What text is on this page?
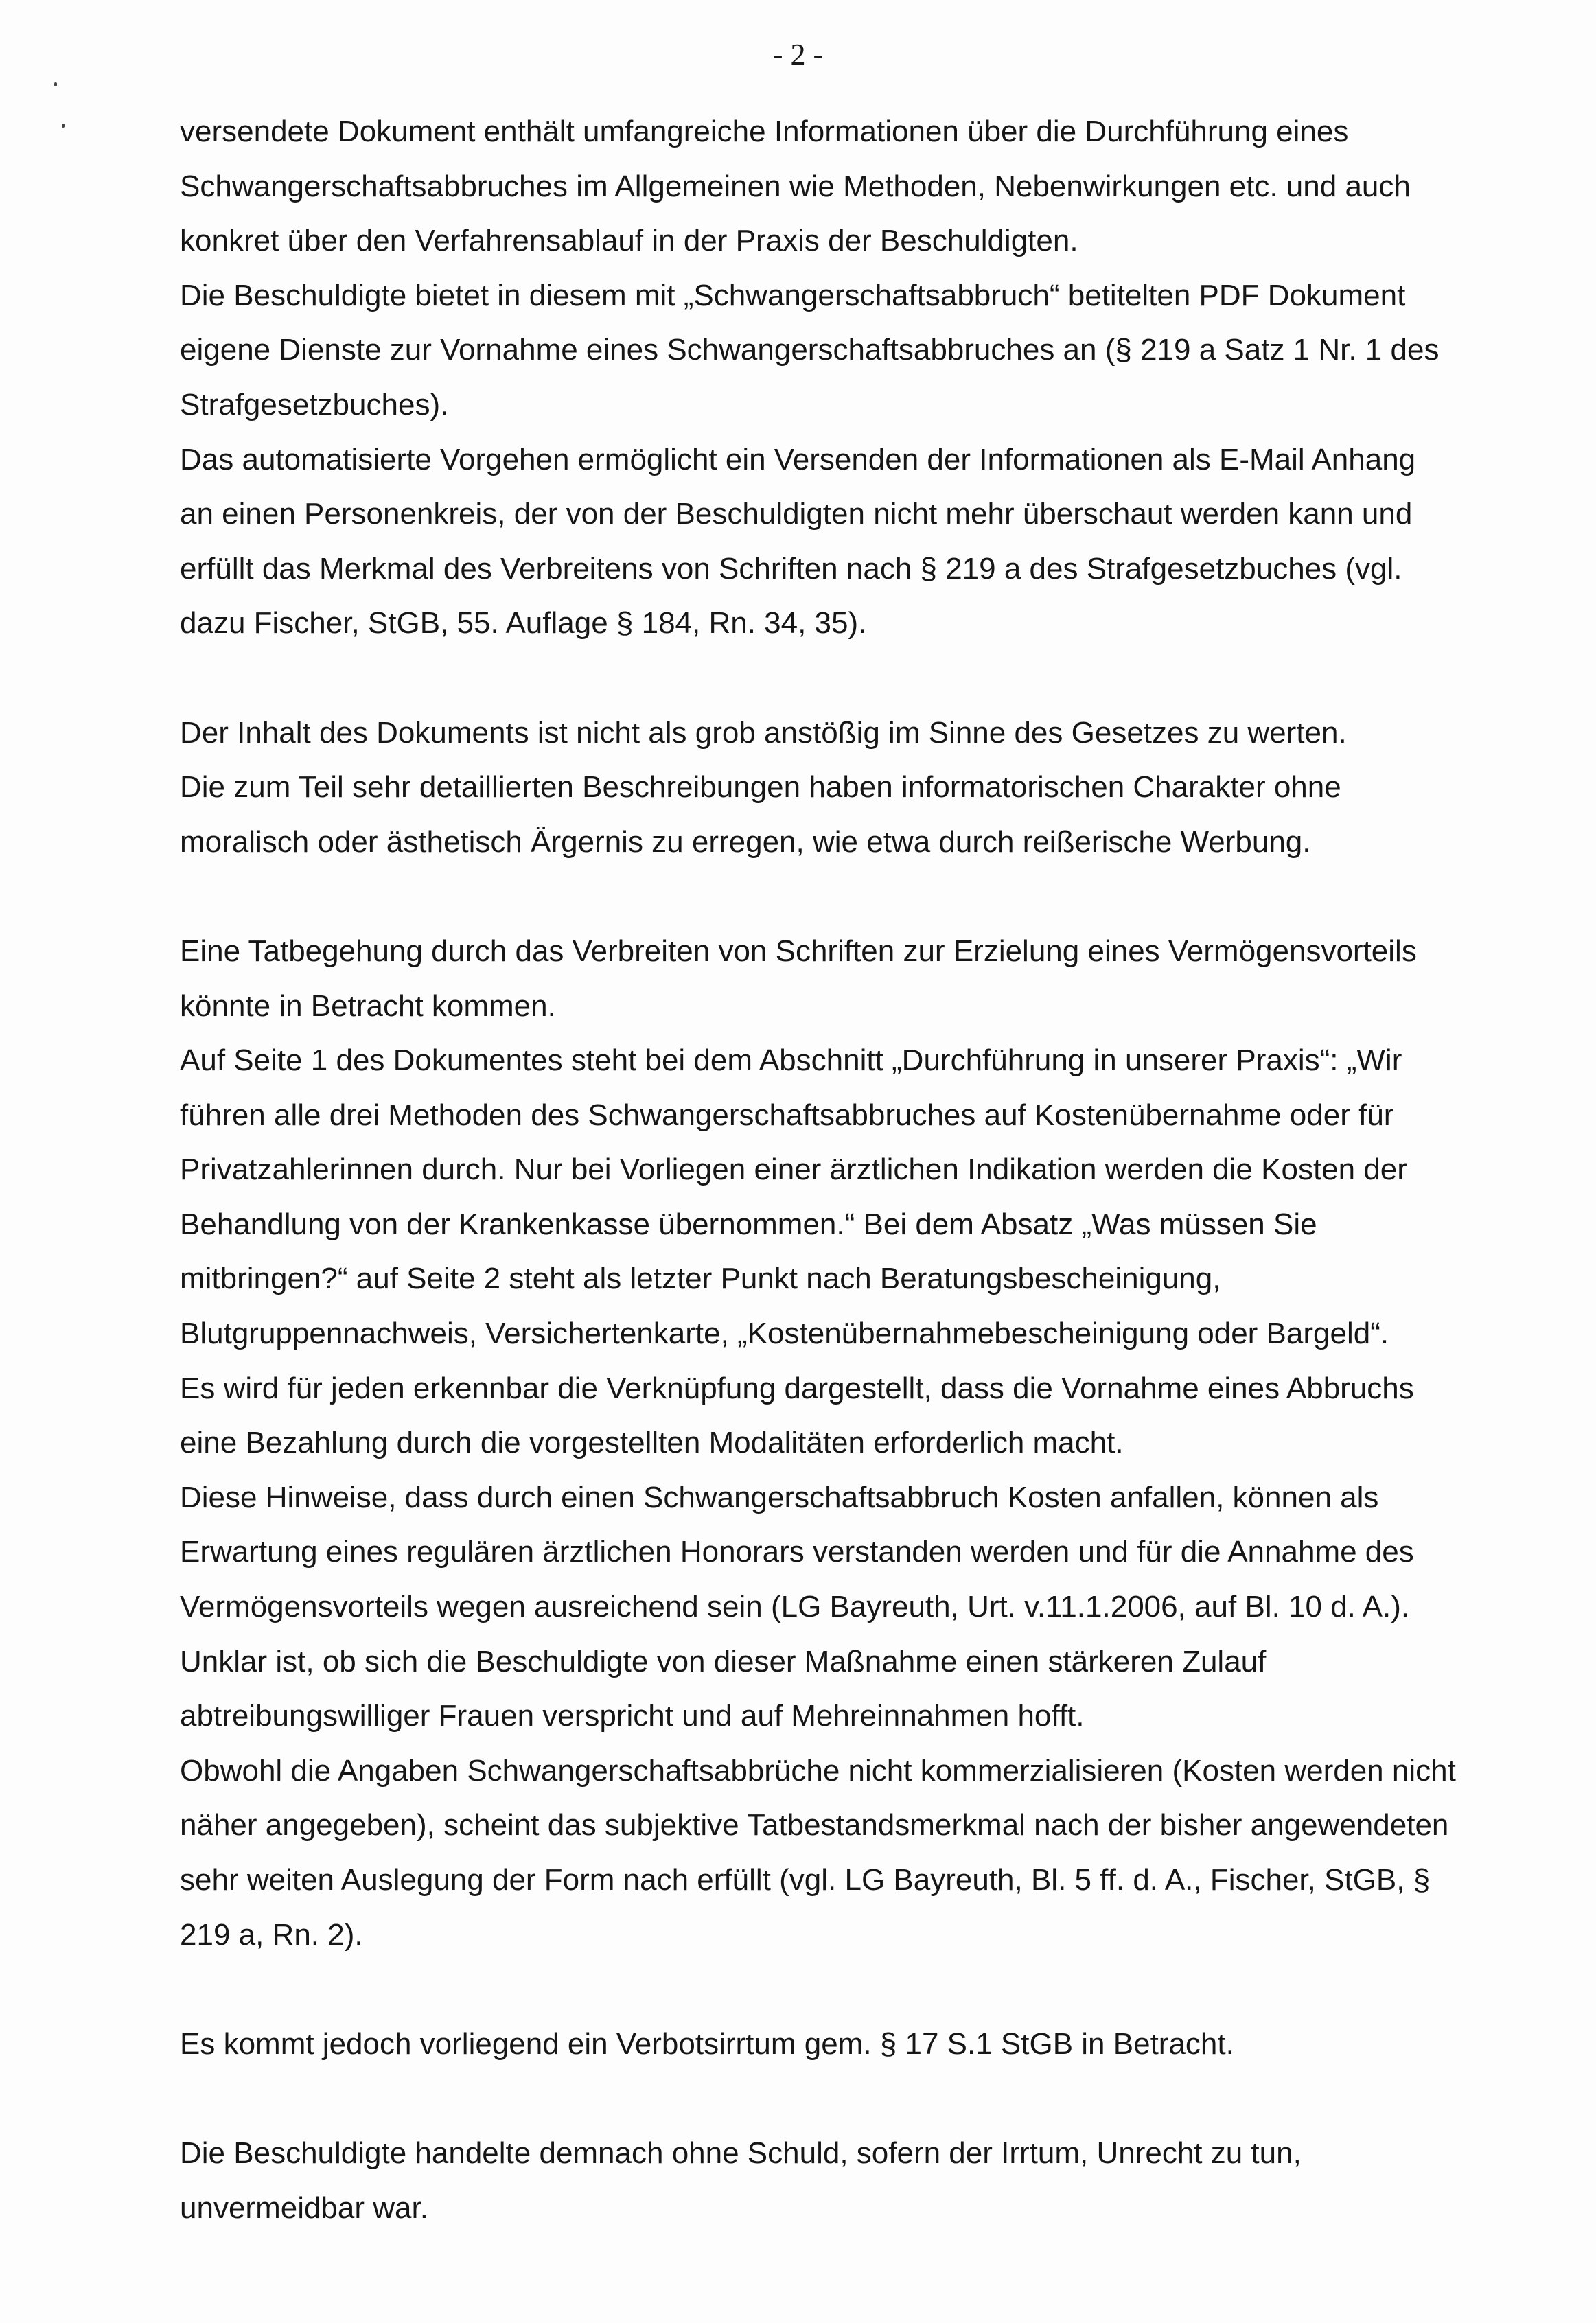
- 2 -
versendete Dokument enthält umfangreiche Informationen über die Durchführung eines
Schwangerschaftsabbruches im Allgemeinen wie Methoden, Nebenwirkungen etc. und auch
konkret über den Verfahrensablauf in der Praxis der Beschuldigten.
Die Beschuldigte bietet in diesem mit „Schwangerschaftsabbruch“ betitelten PDF Dokument
eigene Dienste zur Vornahme eines Schwangerschaftsabbruches an (§ 219 a Satz 1 Nr. 1 des
Strafgesetzbuches).
Das automatisierte Vorgehen ermöglicht ein Versenden der Informationen als E-Mail Anhang
an einen Personenkreis, der von der Beschuldigten nicht mehr überschaut werden kann und
erfüllt das Merkmal des Verbreitens von Schriften nach § 219 a des Strafgesetzbuches (vgl.
dazu Fischer, StGB, 55. Auflage § 184, Rn. 34, 35).
Der Inhalt des Dokuments ist nicht als grob anstößig im Sinne des Gesetzes zu werten.
Die zum Teil sehr detaillierten Beschreibungen haben informatorischen Charakter ohne
moralisch oder ästhetisch Ärgernis zu erregen, wie etwa durch reißerische Werbung.
Eine Tatbegehung durch das Verbreiten von Schriften zur Erzielung eines Vermögensvorteils
könnte in Betracht kommen.
Auf Seite 1 des Dokumentes steht bei dem Abschnitt „Durchführung in unserer Praxis“: „Wir
führen alle drei Methoden des Schwangerschaftsabbruches auf Kostenübernahme oder für
Privatzahlerinnen durch. Nur bei Vorliegen einer ärztlichen Indikation werden die Kosten der
Behandlung von der Krankenkasse übernommen.“ Bei dem Absatz „Was müssen Sie
mitbringen?“ auf Seite 2 steht als letzter Punkt nach Beratungsbescheinigung,
Blutgruppennachweis, Versichertenkarte, „Kostenübernahmebescheinigung oder Bargeld“.
Es wird für jeden erkennbar die Verknüpfung dargestellt, dass die Vornahme eines Abbruchs
eine Bezahlung durch die vorgestellten Modalitäten erforderlich macht.
Diese Hinweise, dass durch einen Schwangerschaftsabbruch Kosten anfallen, können als
Erwartung eines regulären ärztlichen Honorars verstanden werden und für die Annahme des
Vermögensvorteils wegen ausreichend sein (LG Bayreuth, Urt. v.11.1.2006, auf Bl. 10 d. A.).
Unklar ist, ob sich die Beschuldigte von dieser Maßnahme einen stärkeren Zulauf
abtreibungswilliger Frauen verspricht und auf Mehreinnahmen hofft.
Obwohl die Angaben Schwangerschaftsabbrüche nicht kommerzialisieren (Kosten werden nicht
näher angegeben), scheint das subjektive Tatbestandsmerkmal nach der bisher angewendeten
sehr weiten Auslegung der Form nach erfüllt (vgl. LG Bayreuth, Bl. 5 ff. d. A., Fischer, StGB, §
219 a, Rn. 2).
Es kommt jedoch vorliegend ein Verbotsirrtum gem. § 17 S.1 StGB in Betracht.
Die Beschuldigte handelte demnach ohne Schuld, sofern der Irrtum, Unrecht zu tun,
unvermeidbar war.
